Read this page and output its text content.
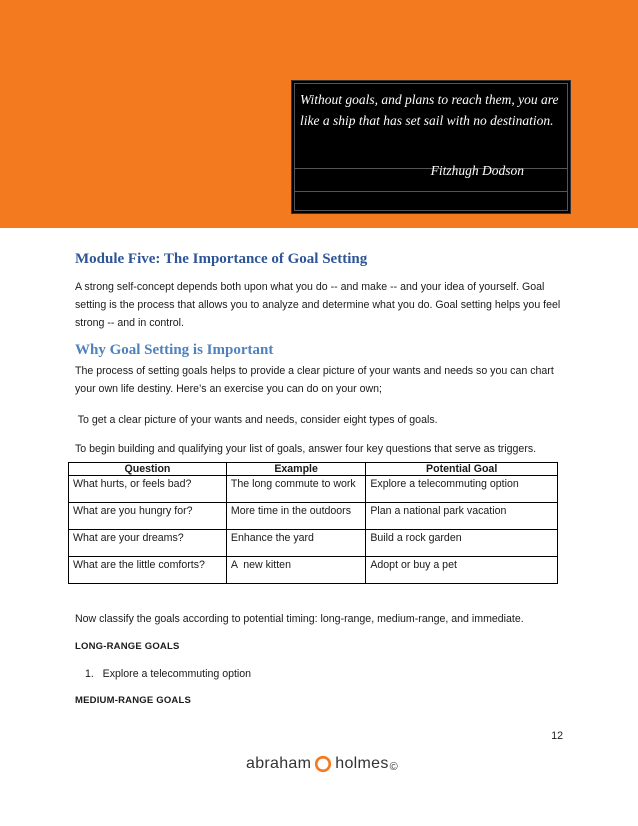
Without goals, and plans to reach them, you are like a ship that has set sail with no destination.
Fitzhugh Dodson
Module Five: The Importance of Goal Setting

A strong self-concept depends both upon what you do -- and make -- and your idea of yourself. Goal setting is the process that allows you to analyze and determine what you do. Goal setting helps you feel strong -- and in control.

Why Goal Setting is Important

The process of setting goals helps to provide a clear picture of your wants and needs so you can chart your own life destiny. Here’s an exercise you can do on your own;

To get a clear picture of your wants and needs, consider eight types of goals.

To begin building and qualifying your list of goals, answer four key questions that serve as triggers.

Question	Example	Potential Goal
What hurts, or feels bad?	The long commute to work	Explore a telecommuting option
What are you hungry for?	More time in the outdoors	Plan a national park vacation
What are your dreams?	Enhance the yard	Build a rock garden
What are the little comforts?	A  new kitten	Adopt or buy a pet

Now classify the goals according to potential timing: long-range, medium-range, and immediate.

LONG-RANGE GOALS
1.   Explore a telecommuting option
MEDIUM-RANGE GOALS
12
abraham holmes ©
